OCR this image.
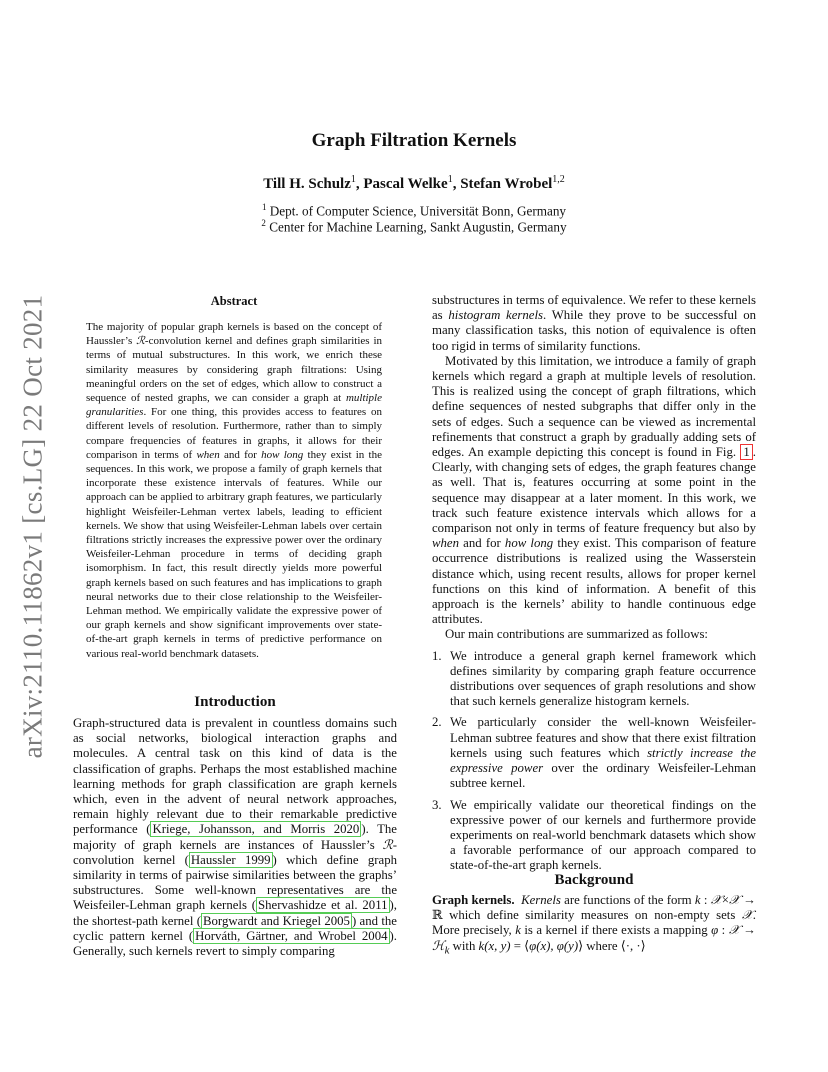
arXiv:2110.11862v1 [cs.LG] 22 Oct 2021
Graph Filtration Kernels
Till H. Schulz$^1$, Pascal Welke$^1$, Stefan Wrobel$^{1,2}$
$^1$ Dept. of Computer Science, Universität Bonn, Germany
$^2$ Center for Machine Learning, Sankt Augustin, Germany
Abstract
The majority of popular graph kernels is based on the concept of Haussler’s ℛ-convolution kernel and defines graph similarities in terms of mutual substructures. In this work, we enrich these similarity measures by considering graph filtrations: Using meaningful orders on the set of edges, which allow to construct a sequence of nested graphs, we can consider a graph at multiple granularities. For one thing, this provides access to features on different levels of resolution. Furthermore, rather than to simply compare frequencies of features in graphs, it allows for their comparison in terms of when and for how long they exist in the sequences. In this work, we propose a family of graph kernels that incorporate these existence intervals of features. While our approach can be applied to arbitrary graph features, we particularly highlight Weisfeiler-Lehman vertex labels, leading to efficient kernels. We show that using Weisfeiler-Lehman labels over certain filtrations strictly increases the expressive power over the ordinary Weisfeiler-Lehman procedure in terms of deciding graph isomorphism. In fact, this result directly yields more powerful graph kernels based on such features and has implications to graph neural networks due to their close relationship to the Weisfeiler-Lehman method. We empirically validate the expressive power of our graph kernels and show significant improvements over state-of-the-art graph kernels in terms of predictive performance on various real-world benchmark datasets.
Introduction
Graph-structured data is prevalent in countless domains such as social networks, biological interaction graphs and molecules. A central task on this kind of data is the classification of graphs. Perhaps the most established machine learning methods for graph classification are graph kernels which, even in the advent of neural network approaches, remain highly relevant due to their remarkable predictive performance ( Kriege, Johansson, and Morris 2020 ). The majority of graph kernels are instances of Haussler’s ℛ-convolution kernel ( Haussler 1999 ) which define graph similarity in terms of pairwise similarities between the graphs’ substructures. Some well-known representatives are the Weisfeiler-Lehman graph kernels ( Shervashidze et al. 2011 ), the shortest-path kernel ( Borgwardt and Kriegel 2005 ) and the cyclic pattern kernel ( Horváth, Gärtner, and Wrobel 2004 ). Generally, such kernels revert to simply comparing

substructures in terms of equivalence. We refer to these kernels as histogram kernels. While they prove to be successful on many classification tasks, this notion of equivalence is often too rigid in terms of similarity functions.

Motivated by this limitation, we introduce a family of graph kernels which regard a graph at multiple levels of resolution. This is realized using the concept of graph filtrations, which define sequences of nested subgraphs that differ only in the sets of edges. Such a sequence can be viewed as incremental refinements that construct a graph by gradually adding sets of edges. An example depicting this concept is found in Fig. 1 . Clearly, with changing sets of edges, the graph features change as well. That is, features occurring at some point in the sequence may disappear at a later moment. In this work, we track such feature existence intervals which allows for a comparison not only in terms of feature frequency but also by when and for how long they exist. This comparison of feature occurrence distributions is realized using the Wasserstein distance which, using recent results, allows for proper kernel functions on this kind of information. A benefit of this approach is the kernels’ ability to handle continuous edge attributes.

Our main contributions are summarized as follows:

1. We introduce a general graph kernel framework which defines similarity by comparing graph feature occurrence distributions over sequences of graph resolutions and show that such kernels generalize histogram kernels.
2. We particularly consider the well-known Weisfeiler-Lehman subtree features and show that there exist filtration kernels using such features which strictly increase the expressive power over the ordinary Weisfeiler-Lehman subtree kernel.
3. We empirically validate our theoretical findings on the expressive power of our kernels and furthermore provide experiments on real-world benchmark datasets which show a favorable performance of our approach compared to state-of-the-art graph kernels.
Background
Graph kernels. Kernels are functions of the form k : 𝒳×𝒳 → ℝ which define similarity measures on non-empty sets 𝒳. More precisely, k is a kernel if there exists a mapping φ : 𝒳 → ℋ$_k$ with k(x, y) = ⟨φ(x), φ(y)⟩ where ⟨·, ·⟩
